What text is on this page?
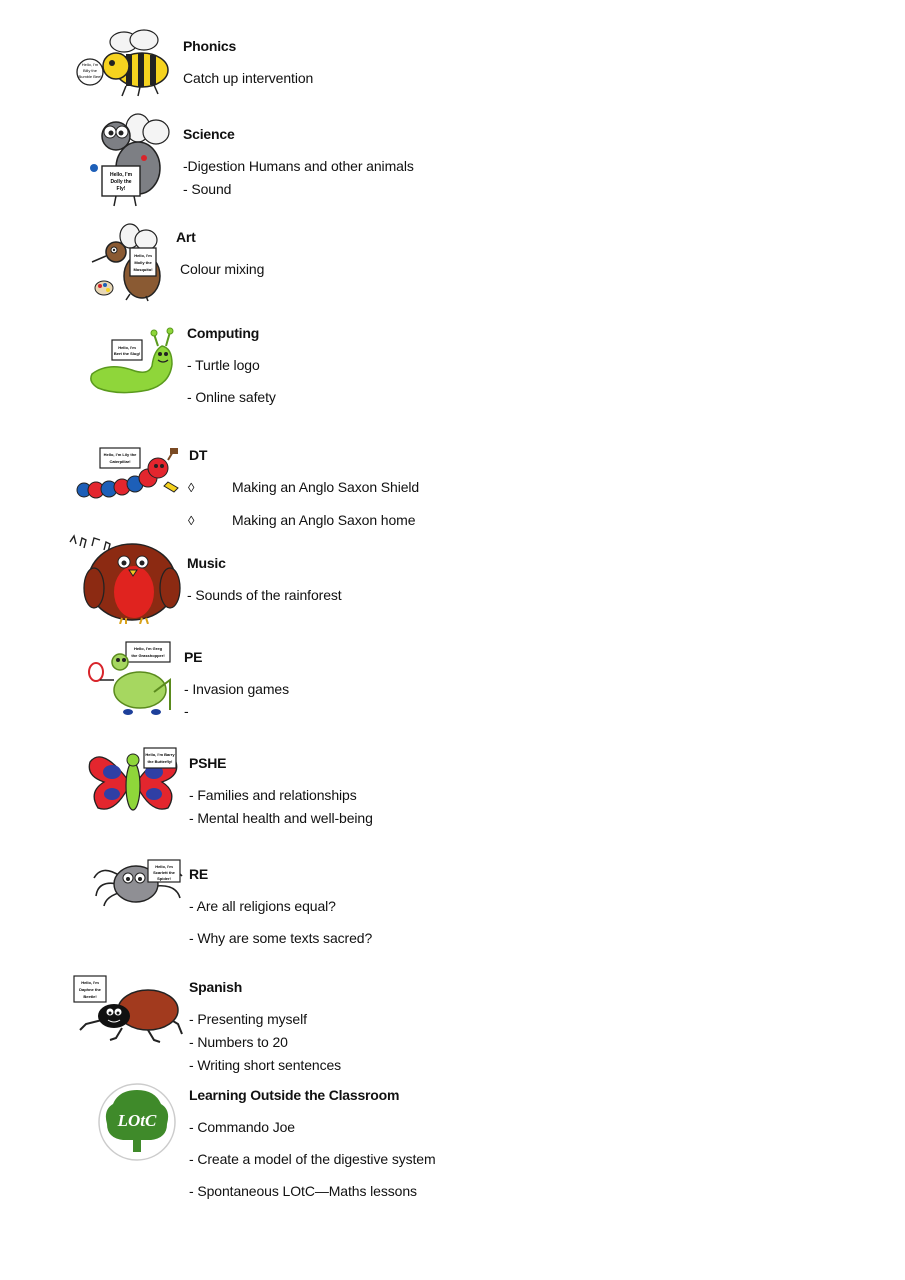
Hello, I'm
Billy the
Bumble Bee!
Phonics
Catch up intervention
Hello, I'm
Dolly the
Fly!
Science
-Digestion Humans and other animals
- Sound
Hello, I'm
Molly the
Mosquito!
Art
Colour mixing
Hello, I'm
Bert the Slug!
Computing
- Turtle logo
- Online safety
Hello, I'm Lily the
Caterpillar!	DT
◊	Making an Anglo Saxon Shield
◊	Making an Anglo Saxon home
Music
- Sounds of the rainforest
Hello, I'm Greg
the Grasshopper! PE
- Invasion games
-
Hello, I'm Barry
the Butterfly! PSHE
- Families and relationships
- Mental health and well-being
Hello, I'm
Scarlett the
Spider! RE
- Are all religions equal?
- Why are some texts sacred?
Hello, I'm
Daphne the
Beetle!
Spanish
- Presenting myself
- Numbers to 20
- Writing short sentences
LOtC
Learning Outside the Classroom
- Commando Joe
- Create a model of the digestive system
- Spontaneous LOtC—Maths lessons
